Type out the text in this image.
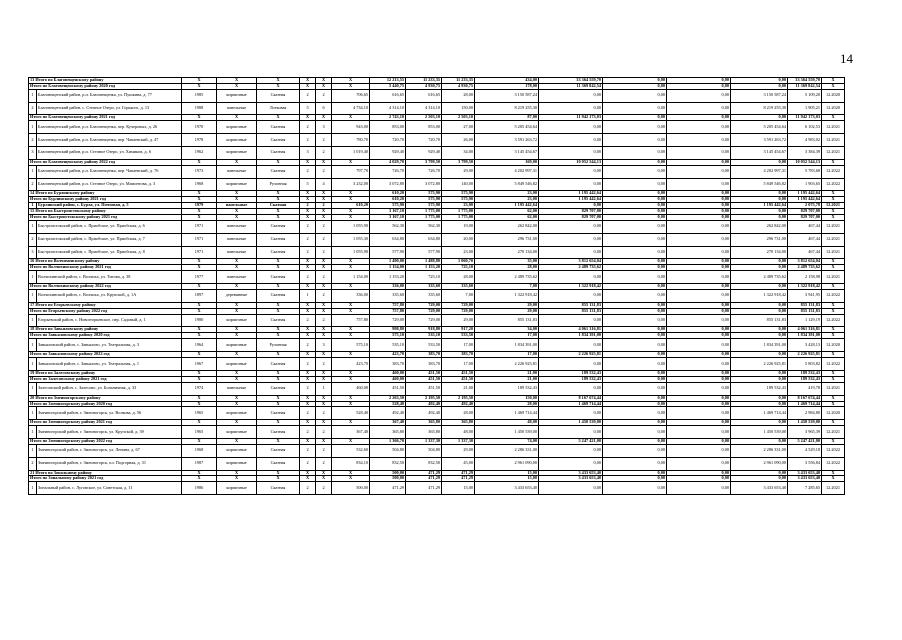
14
13 Итого по Благовещенскому району		X	X	X	X	X	X	12 213,55	11 233,35	11 233,35	434,00	33 364 559,70	0,00	0,00	0,00	33 364 559,70	X	
Итого по Благовещенскому району 2020 год		X	X	X	X	X	X	5 440,75	4 930,75	4 930,75	178,00	11 369 842,54	0,00	0,00	0,00	11 369 842,54	X	
1	Благовещенский район, р.п. Благовещенка, ул. Пушкина, д. 77	1985	кирпичные	Скатная	2	2	706,65	616,65	616,65	28,00	3 150 587,24	0,00	0,00	0,00	3 150 587,24	5 109,20	12.2020	
2	Благовещенский район, с. Степное Озеро, ул. Горького, д. 13	1988	панельные	Лотковая	5	6	4 734,10	4 314,10	4 314,10	150,00	8 219 255,30	0,00	0,00	0,00	8 219 255,30	1 905,21	12.2020	
Итого по Благовещенскому району 2021 год		X	X	X	X	X	X	2 743,10	2 503,10	2 503,10	87,00	11 942 173,03	0,00	0,00	0,00	11 942 173,03	X	
1	Благовещенский район, р.п. Благовещенка, пер. Кучеровых, д. 26	1970	кирпичные	Скатная	2	3	943,00	853,00	853,00	27,00	5 205 454,64	0,00	0,00	0,00	5 205 454,64	6 102,53	12.2021	
2	Благовещенский район, р.п. Благовещенка, пер. Чапаевский, д. 47	1978	кирпичные	Скатная	2	2	780,70	720,70	720,70	26,00	3 591 263,72	0,00	0,00	0,00	3 591 263,72	4 983,02	12.2021	
3	Благовещенский район, р.п. Степное Озеро, ул. Химиков, д. 6	1962	кирпичные	Скатная	3	2	1 019,40	929,40	929,40	34,00	3 145 454,67	0,00	0,00	0,00	3 145 454,67	3 384,39	12.2021	
Итого по Благовещенскому району 2022 год		X	X	X	X	X	X	4 029,70	3 799,50	3 799,50	169,00	10 052 544,13	0,00	0,00	0,00	10 052 544,13	X	
1	Благовещенский район, р.п. Благовещенка, пер. Чапаевский, д. 76	1973	панельные	Скатная	2	2	797,70	726,70	726,70	29,00	4 202 997,31	0,00	0,00	0,00	4 202 997,31	5 783,68	12.2022	
2	Благовещенский район, р.п. Степное Озеро, ул. Мамонтова, д. 3	1968	кирпичные	Рулонная	5	4	3 232,00	3 072,80	3 072,80	140,00	5 849 546,82	0,00	0,00	0,00	5 849 546,82	1 903,65	12.2022	
14 Итого по Бурлинскому району		X	X	X	X	X	X	610,20	575,90	575,90	23,00	1 195 442,64	0,00	0,00	0,00	1 195 442,64	X	
Итого по Бурлинскому району 2021 год		X	X	X	X	X	X	610,20	575,90	575,90	23,00	1 195 442,64	0,00	0,00	0,00	1 195 442,64	X	
1	Бурлинский район, с. Бурла, ул. Почтовая, д. 5	1979	панельные	Скатная	2	2	610,20	575,90	575,90	23,00	1 195 442,64	0,00	0,00	0,00	1 195 442,64	2 075,78	12.2021	
15 Итого по Быстроистокскому району		X	X	X	X	X	X	3 167,10	1 775,00	1 775,00	62,00	829 707,00	0,00	0,00	0,00	829 707,00	X	
Итого по Быстроистокскому району 2021 год		X	X	X	X	X	X	3 167,10	1 775,00	1 775,00	62,00	829 707,00	0,00	0,00	0,00	829 707,00	X	
1	Быстроистокский район, с. Приобское, ул. Приобская, д. 6	1971	панельные	Скатная	2	2	1 055,90	562,30	562,30	19,00	262 842,00	0,00	0,00	0,00	262 842,00	467,44	12.2021	
2	Быстроистокский район, с. Приобское, ул. Приобская, д. 7	1971	панельные	Скатная	2	2	1 055,30	634,80	634,80	20,00	296 731,00	0,00	0,00	0,00	296 731,00	467,44	12.2021	
3	Быстроистокский район, с. Приобское, ул. Приобская, д. 8	1971	панельные	Скатная	2	2	1 055,90	577,90	577,90	23,00	270 134,00	0,00	0,00	0,00	270 134,00	467,44	12.2021	
16 Итого по Волчихинскому району		X	X	X	X	X	X	1 490,00	1 488,80	1 060,70	35,00	3 812 654,04	0,00	0,00	0,00	3 812 654,04	X	
Итого по Волчихинскому району 2021 год		X	X	X	X	X	X	1 154,00	1 153,20	725,10	28,00	2 489 735,62	0,00	0,00	0,00	2 489 735,62	X	
1	Волчихинский район, с. Волчиха, ул. Титова, д. 38	1977	панельные	Скатная	2	2	1 154,00	1 153,20	725,10	28,00	2 489 735,62	0,00	0,00	0,00	2 489 735,62	2 158,98	12.2021	
Итого по Волчихинскому району 2022 год		X	X	X	X	X	X	336,00	335,60	335,60	7,00	1 322 918,42	0,00	0,00	0,00	1 322 918,42	X	
1	Волчихинский район, с. Волчиха, ул. Крупской, д. 1А	1897	деревянные	Скатная	1	2	336,00	335,60	335,60	7,00	1 322 918,42	0,00	0,00	0,00	1 322 918,42	3 941,95	12.2022	
17 Итого по Егорьевскому району		X	X	X	X	X	X	757,80	729,00	729,00	29,00	855 131,83	0,00	0,00	0,00	855 131,83	X	
Итого по Егорьевскому району 2022 год		X	X	X	X	X	X	757,80	729,00	729,00	29,00	855 131,83	0,00	0,00	0,00	855 131,83	X	
1	Егорьевский район, с. Новоегорьевское, пер. Садовый, д. 1	1980	кирпичные	Скатная	2	2	757,80	729,00	729,00	29,00	855 131,83	0,00	0,00	0,00	855 131,83	1 129,19	12.2022	
18 Итого по Завьяловскому району		X	X	X	X	X	X	998,80	918,80	917,20	34,00	4 061 316,81	0,00	0,00	0,00	4 061 316,81	X	
Итого по Завьяловскому району 2020 год		X	X	X	X	X	X	575,10	535,10	533,50	17,00	1 834 391,00	0,00	0,00	0,00	1 834 391,00	X	
1	Завьяловский район, с. Завьялово, ул. Театральная, д. 3	1964	кирпичные	Рулонная	2	3	575,10	535,10	533,50	17,00	1 834 391,00	0,00	0,00	0,00	1 834 391,00	3 428,13	12.2020	
Итого по Завьяловскому району 2022 год		X	X	X	X	X	X	423,70	383,70	383,70	17,00	2 226 925,81	0,00	0,00	0,00	2 226 925,81	X	
1	Завьяловский район, с. Завьялово, ул. Театральная, д. 1	1967	кирпичные	Скатная	2	2	423,70	383,70	383,70	17,00	2 226 925,81	0,00	0,00	0,00	2 226 925,81	5 803,82	12.2022	
19 Итого по Залесовскому району		X	X	X	X	X	X	460,00	451,50	451,50	21,00	189 532,43	0,00	0,00	0,00	189 532,43	X	
Итого по Залесовскому району 2021 год		X	X	X	X	X	X	460,00	451,50	451,50	21,00	189 532,43	0,00	0,00	0,00	189 532,43	X	
1	Залесовский район, с. Залесово, ул. Больничная, д. 33	1974	панельные	Скатная	2	1	460,00	451,50	451,50	21,00	189 532,43	0,00	0,00	0,00	189 532,43	419,78	12.2021	
20 Итого по Змеиногорскому району		X	X	X	X	X	X	2 263,50	2 195,50	2 195,50	150,00	8 167 674,44	0,00	0,00	0,00	8 167 674,44	X	
Итого по Змеиногорскому району 2020 год		X	X	X	X	X	X	528,40	492,40	492,40	28,00	1 469 714,44	0,00	0,00	0,00	1 469 714,44	X	
1	Змеиногорский район, г. Змеиногорск, ул. Волкова, д. 56	1965	кирпичные	Скатная	2	2	528,40	492,40	492,40	28,00	1 469 714,44	0,00	0,00	0,00	1 469 714,44	2 984,80	12.2020	
Итого по Змеиногорскому району 2021 год		X	X	X	X	X	X	367,40	365,80	365,80	48,00	1 450 539,00	0,00	0,00	0,00	1 450 539,00	X	
1	Змеиногорский район, г. Змеиногорск, ул. Крупской, д. 39	1965	кирпичные	Скатная	2	2	367,40	365,80	365,80	48,00	1 450 539,00	0,00	0,00	0,00	1 450 539,00	3 965,39	12.2021	
Итого по Змеиногорскому району 2022 год		X	X	X	X	X	X	1 366,70	1 337,30	1 337,30	74,00	5 247 421,00	0,00	0,00	0,00	5 247 421,00	X	
1	Змеиногорский район, г. Змеиногорск, ул. Ленина, д. 67	1968	кирпичные	Скатная	2	2	532,60	504,80	504,80	29,00	2 286 331,00	0,00	0,00	0,00	2 286 331,00	4 529,18	12.2022	
2	Змеиногорский район, г. Змеиногорск, пл. Подгорная, д. 31	1987	кирпичные	Скатная	2	2	834,10	832,50	832,50	45,00	2 961 090,00	0,00	0,00	0,00	2 961 090,00	3 556,84	12.2022	
21 Итого по Зональному району		X	X	X	X	X	X	500,00	471,29	471,29	15,00	3 433 653,40	0,00	0,00	0,00	3 433 653,40	X	
Итого по Зональному району 2021 год		X	X	X	X	X	X	500,00	471,29	471,29	15,00	3 433 653,40	0,00	0,00	0,00	3 433 653,40	X	
1	Зональный район, с. Луговское, ул. Советская, д. 11	1986	кирпичные	Скатная	2	2	500,00	471,29	471,29	15,00	3 433 653,40	0,00	0,00	0,00	3 433 653,40	7 285,65	12.2021	
